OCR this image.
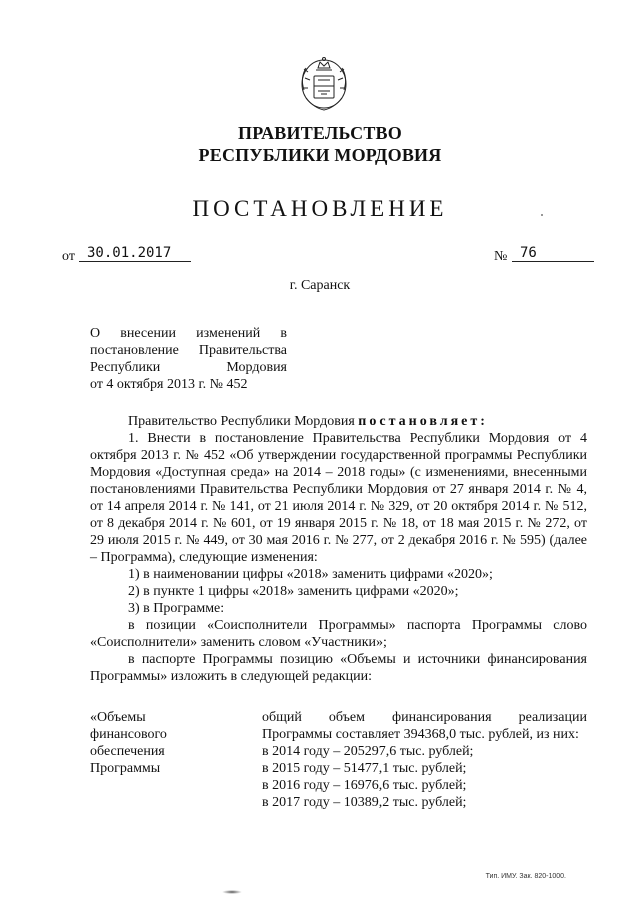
ПРАВИТЕЛЬСТВО
РЕСПУБЛИКИ МОРДОВИЯ
ПОСТАНОВЛЕНИЕ
от 30.01.2017	№ 76
г. Саранск
О внесении изменений в
постановление Правительства
Республики Мордовия
от 4 октября 2013 г. № 452

Правительство Республики Мордовия постановляет:

1. Внести в постановление Правительства Республики Мордовия от 4 октября 2013 г. № 452 «Об утверждении государственной программы Республики Мордовия «Доступная среда» на 2014 – 2018 годы» (с изменениями, внесенными постановлениями Правительства Республики Мордовия от 27 января 2014 г. № 4, от 14 апреля 2014 г. № 141, от 21 июля 2014 г. № 329, от 20 октября 2014 г. № 512, от 8 декабря 2014 г. № 601, от 19 января 2015 г. № 18, от 18 мая 2015 г. № 272, от 29 июля 2015 г. № 449, от 30 мая 2016 г. № 277, от 2 декабря 2016 г. № 595) (далее – Программа), следующие изменения:

1) в наименовании цифры «2018» заменить цифрами «2020»;

2) в пункте 1 цифры «2018» заменить цифрами «2020»;

3) в Программе:

в позиции «Соисполнители Программы» паспорта Программы слово «Соисполнители» заменить словом «Участники»;

в паспорте Программы позицию «Объемы и источники финансирования Программы» изложить в следующей редакции:

«Объемы
финансового
обеспечения
Программы

общий объем финансирования реализации Программы составляет 394368,0 тыс. рублей, из них:

в 2014 году – 205297,6 тыс. рублей;

в 2015 году – 51477,1 тыс. рублей;

в 2016 году – 16976,6 тыс. рублей;

в 2017 году – 10389,2 тыс. рублей;

Тип. ИМУ. Зак. 820-1000.
